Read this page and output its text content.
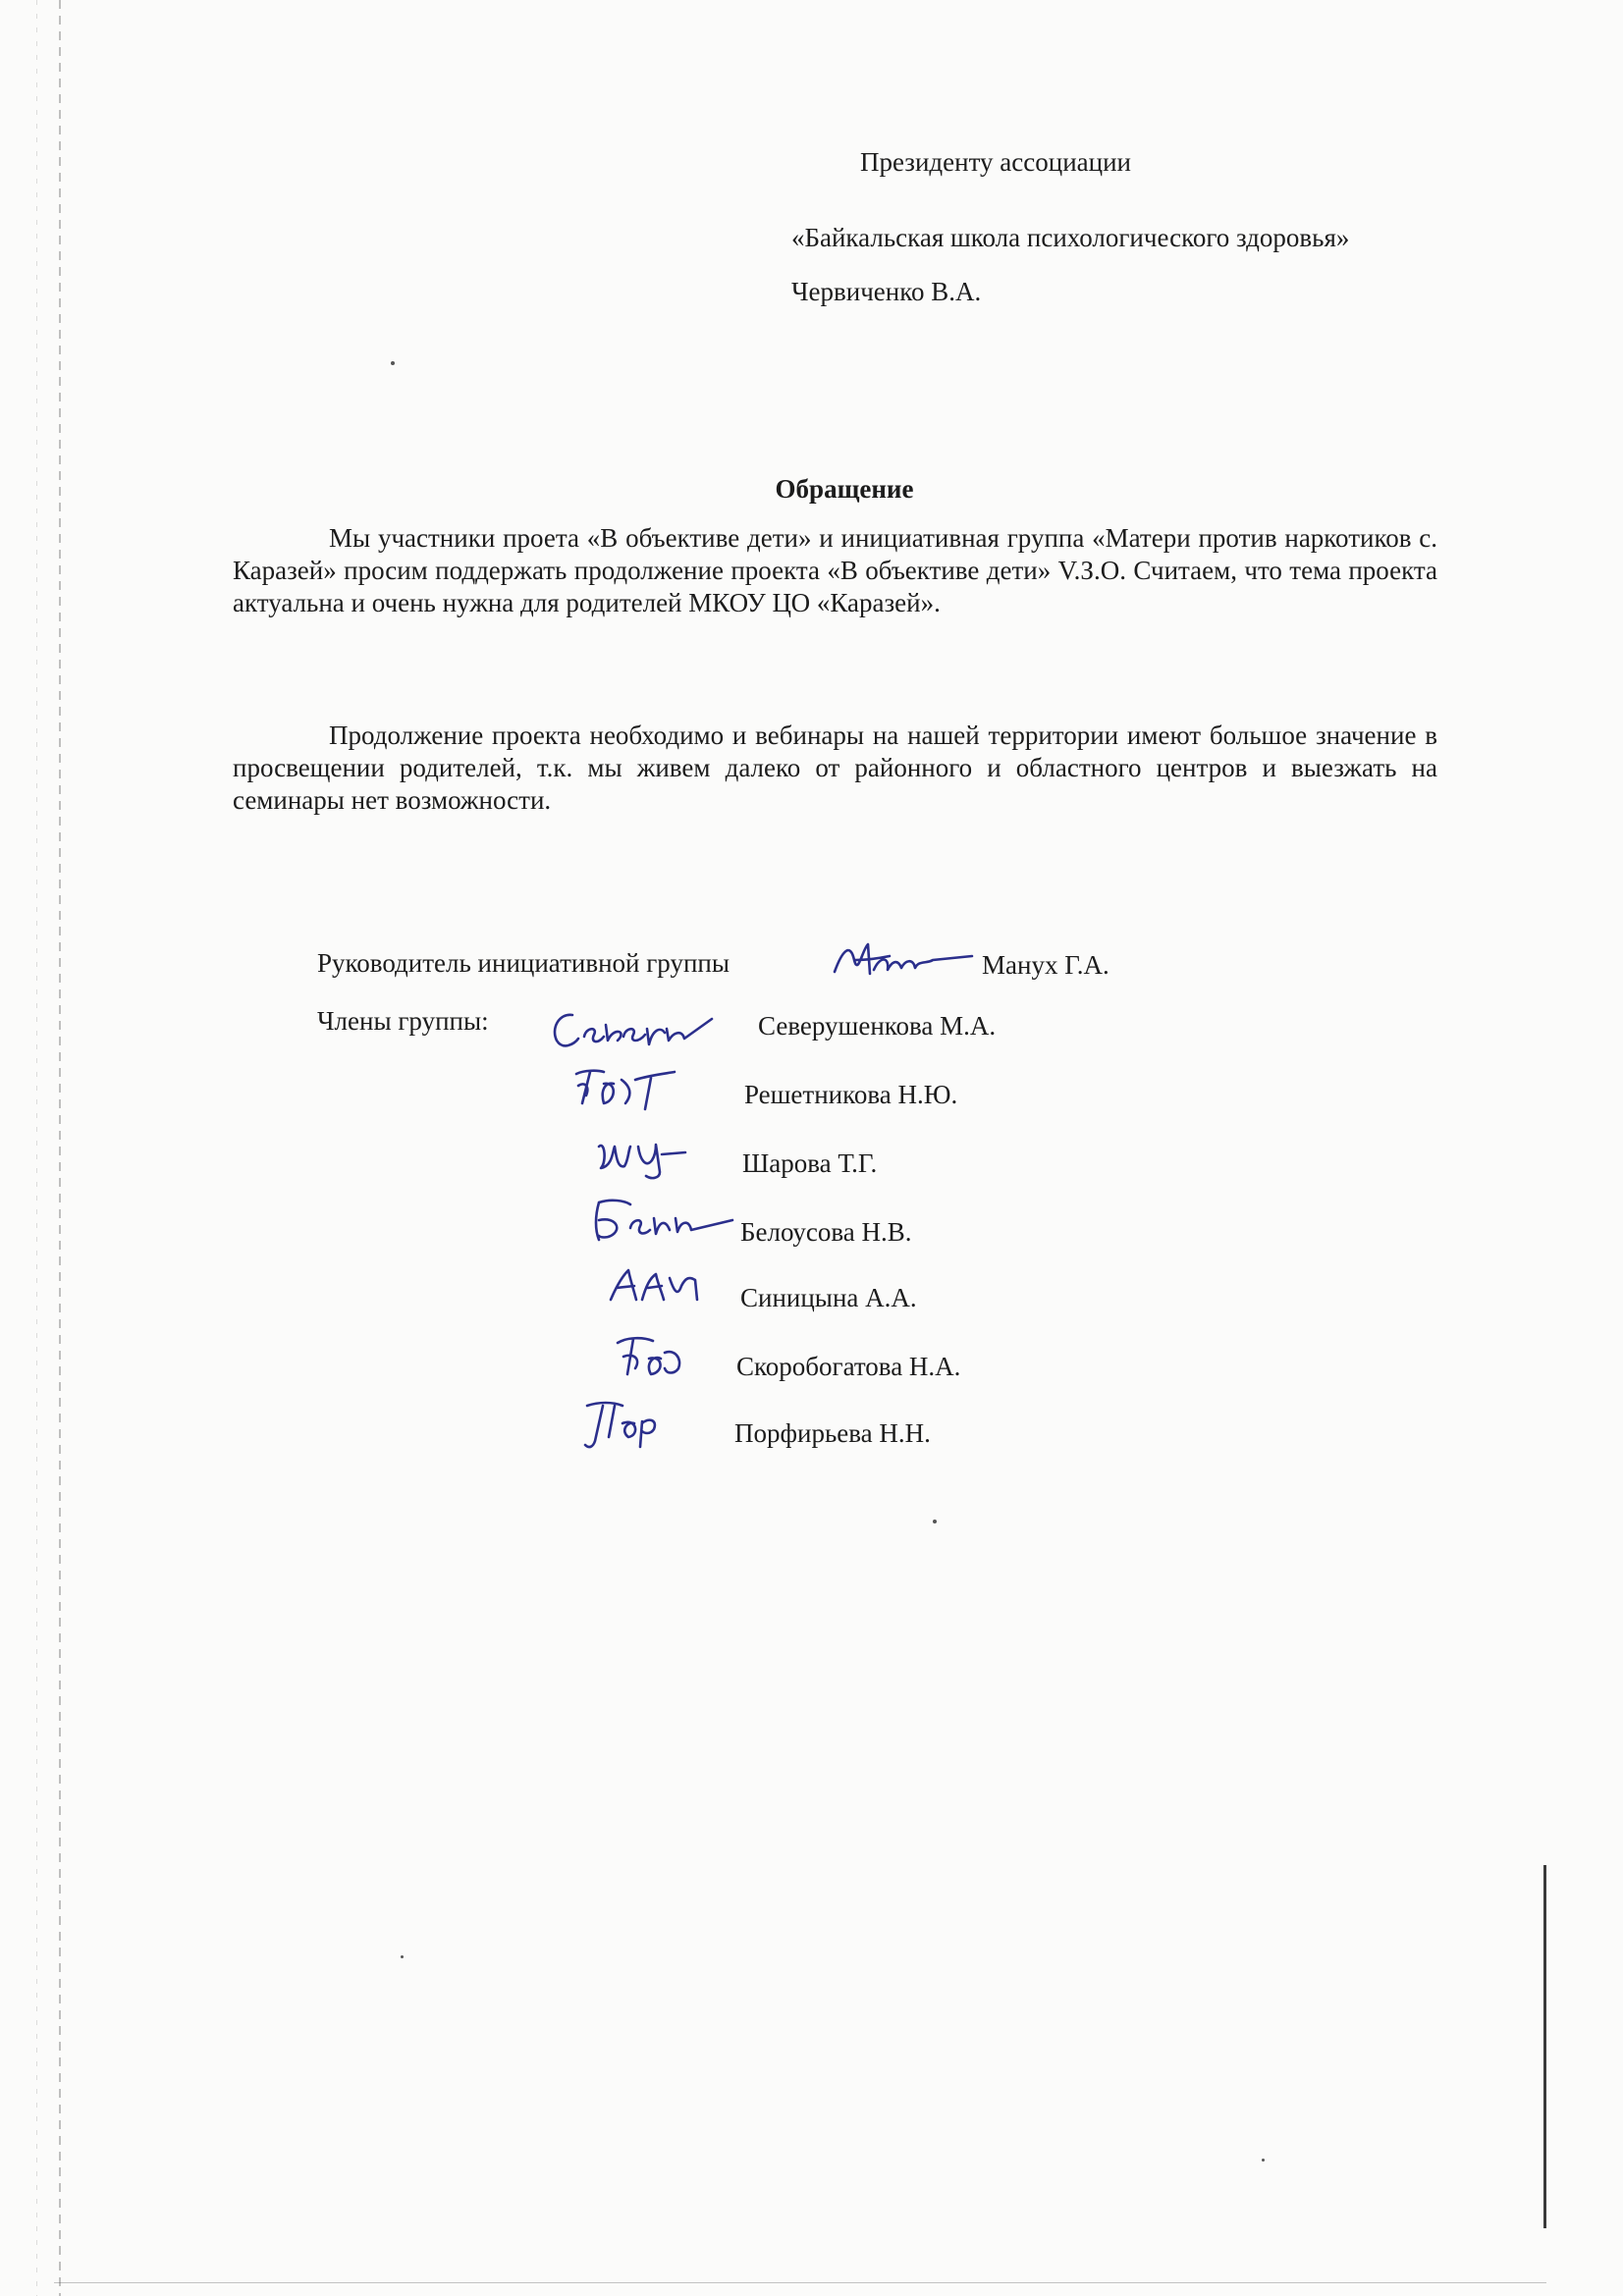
Президенту ассоциации
«Байкальская школа психологического здоровья»
Червиченко В.А.
Обращение

Мы участники проета «В объективе дети» и инициативная группа «Матери против наркотиков с. Каразей» просим поддержать продолжение проекта «В объективе дети» V.З.О. Считаем, что тема проекта актуальна и очень нужна для родителей МКОУ ЦО «Каразей».

Продолжение проекта необходимо и вебинары на нашей территории имеют большое значение в просвещении родителей, т.к. мы живем далеко от районного и областного центров и выезжать на семинары нет возможности.

Руководитель инициативной группы	Манух Г.А.
Члены группы:	Северушенкова М.А.
Решетникова Н.Ю.
Шарова Т.Г.
Белоусова Н.В.
Синицына А.А.
Скоробогатова Н.А.
Порфирьева Н.Н.
